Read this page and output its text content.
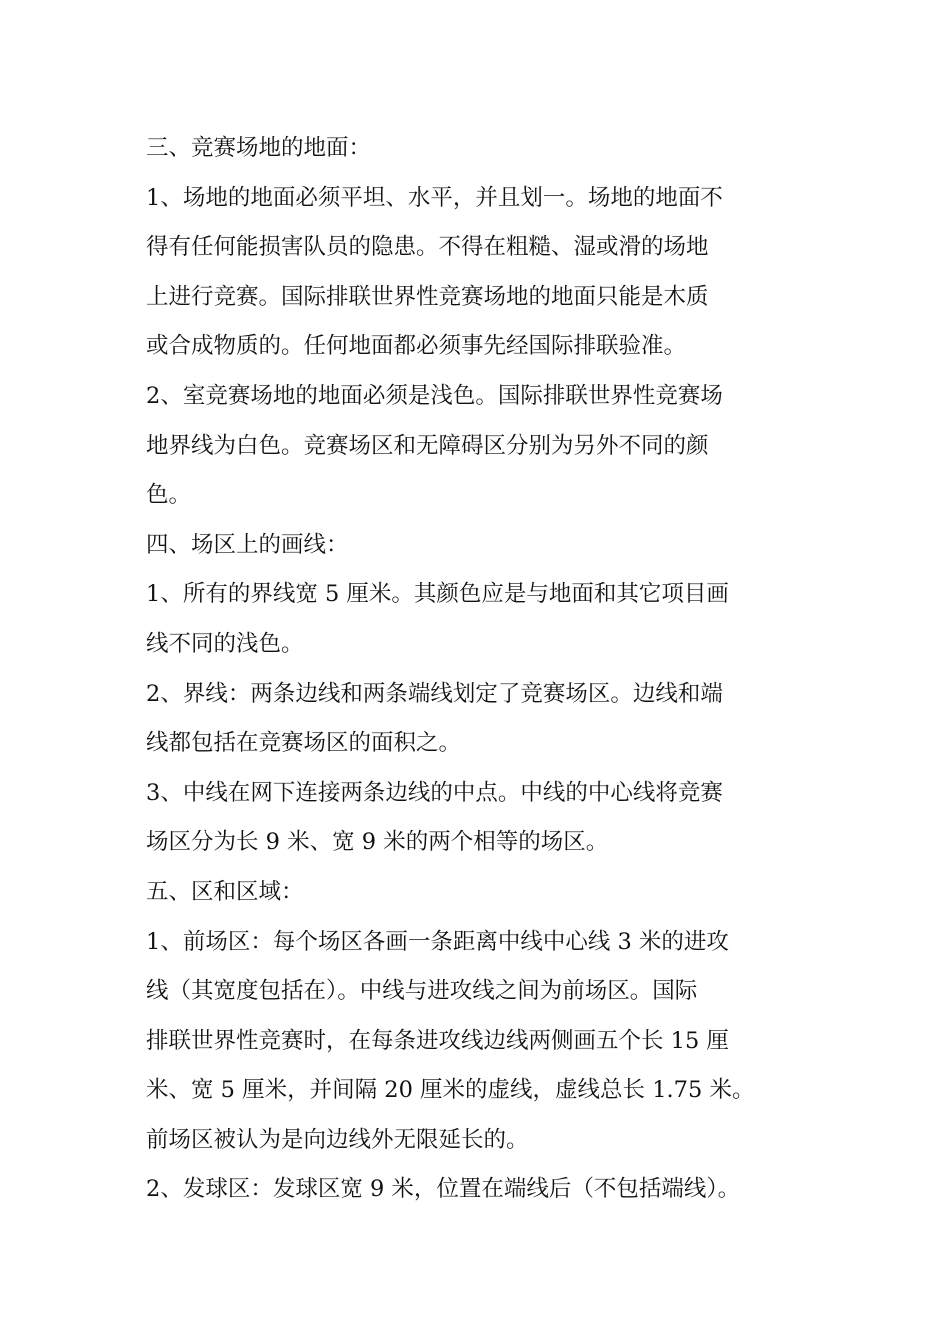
三、竞赛场地的地面：

1、场地的地面必须平坦、水平，并且划一。场地的地面不

得有任何能损害队员的隐患。不得在粗糙、湿或滑的场地

上进行竞赛。国际排联世界性竞赛场地的地面只能是木质

或合成物质的。任何地面都必须事先经国际排联验准。

2、室竞赛场地的地面必须是浅色。国际排联世界性竞赛场

地界线为白色。竞赛场区和无障碍区分别为另外不同的颜

色。

四、场区上的画线：

1、所有的界线宽 5 厘米。其颜色应是与地面和其它项目画

线不同的浅色。

2、界线：两条边线和两条端线划定了竞赛场区。边线和端

线都包括在竞赛场区的面积之。

3、中线在网下连接两条边线的中点。中线的中心线将竞赛

场区分为长 9 米、宽 9 米的两个相等的场区。

五、区和区域：

1、前场区：每个场区各画一条距离中线中心线 3 米的进攻

线（其宽度包括在）。中线与进攻线之间为前场区。国际

排联世界性竞赛时，在每条进攻线边线两侧画五个长 15 厘

米、宽 5 厘米，并间隔 20 厘米的虚线，虚线总长 1.75 米。

前场区被认为是向边线外无限延长的。

2、发球区：发球区宽 9 米，位置在端线后（不包括端线）。
